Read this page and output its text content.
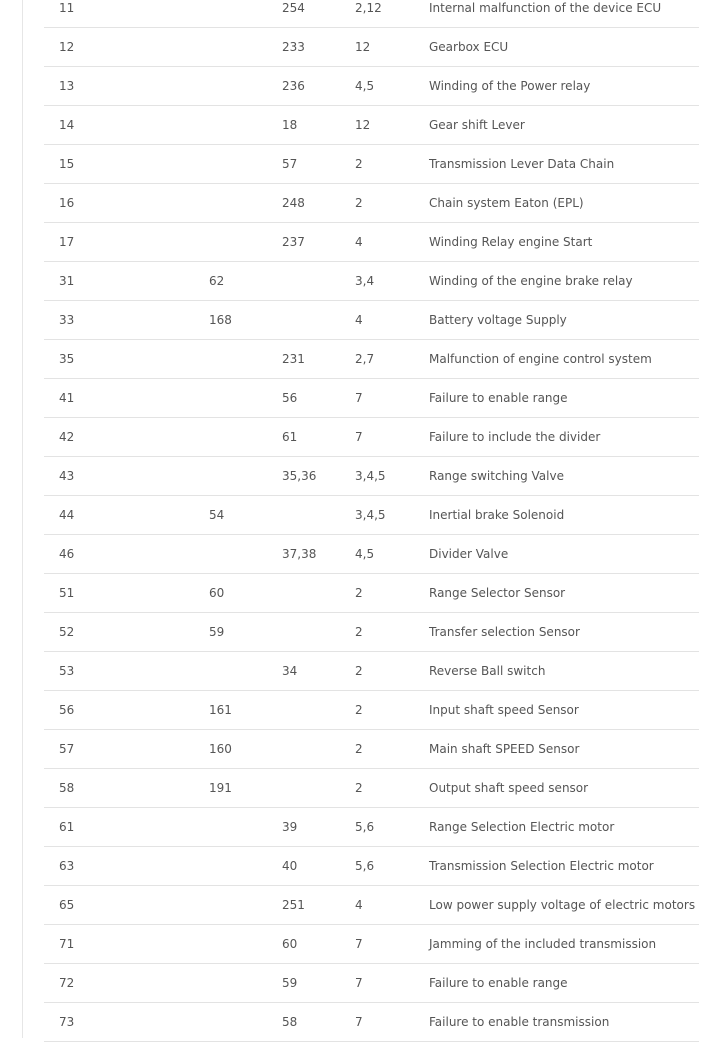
11		254	2,12	Internal malfunction of the device ECU
12		233	12	Gearbox ECU
13		236	4,5	Winding of the Power relay
14		18	12	Gear shift Lever
15		57	2	Transmission Lever Data Chain
16		248	2	Chain system Eaton (EPL)
17		237	4	Winding Relay engine Start
31	62		3,4	Winding of the engine brake relay
33	168		4	Battery voltage Supply
35		231	2,7	Malfunction of engine control system
41		56	7	Failure to enable range
42		61	7	Failure to include the divider
43		35,36	3,4,5	Range switching Valve
44	54		3,4,5	Inertial brake Solenoid
46		37,38	4,5	Divider Valve
51	60		2	Range Selector Sensor
52	59		2	Transfer selection Sensor
53		34	2	Reverse Ball switch
56	161		2	Input shaft speed Sensor
57	160		2	Main shaft SPEED Sensor
58	191		2	Output shaft speed sensor
61		39	5,6	Range Selection Electric motor
63		40	5,6	Transmission Selection Electric motor
65		251	4	Low power supply voltage of electric motors
71		60	7	Jamming of the included transmission
72		59	7	Failure to enable range
73		58	7	Failure to enable transmission
